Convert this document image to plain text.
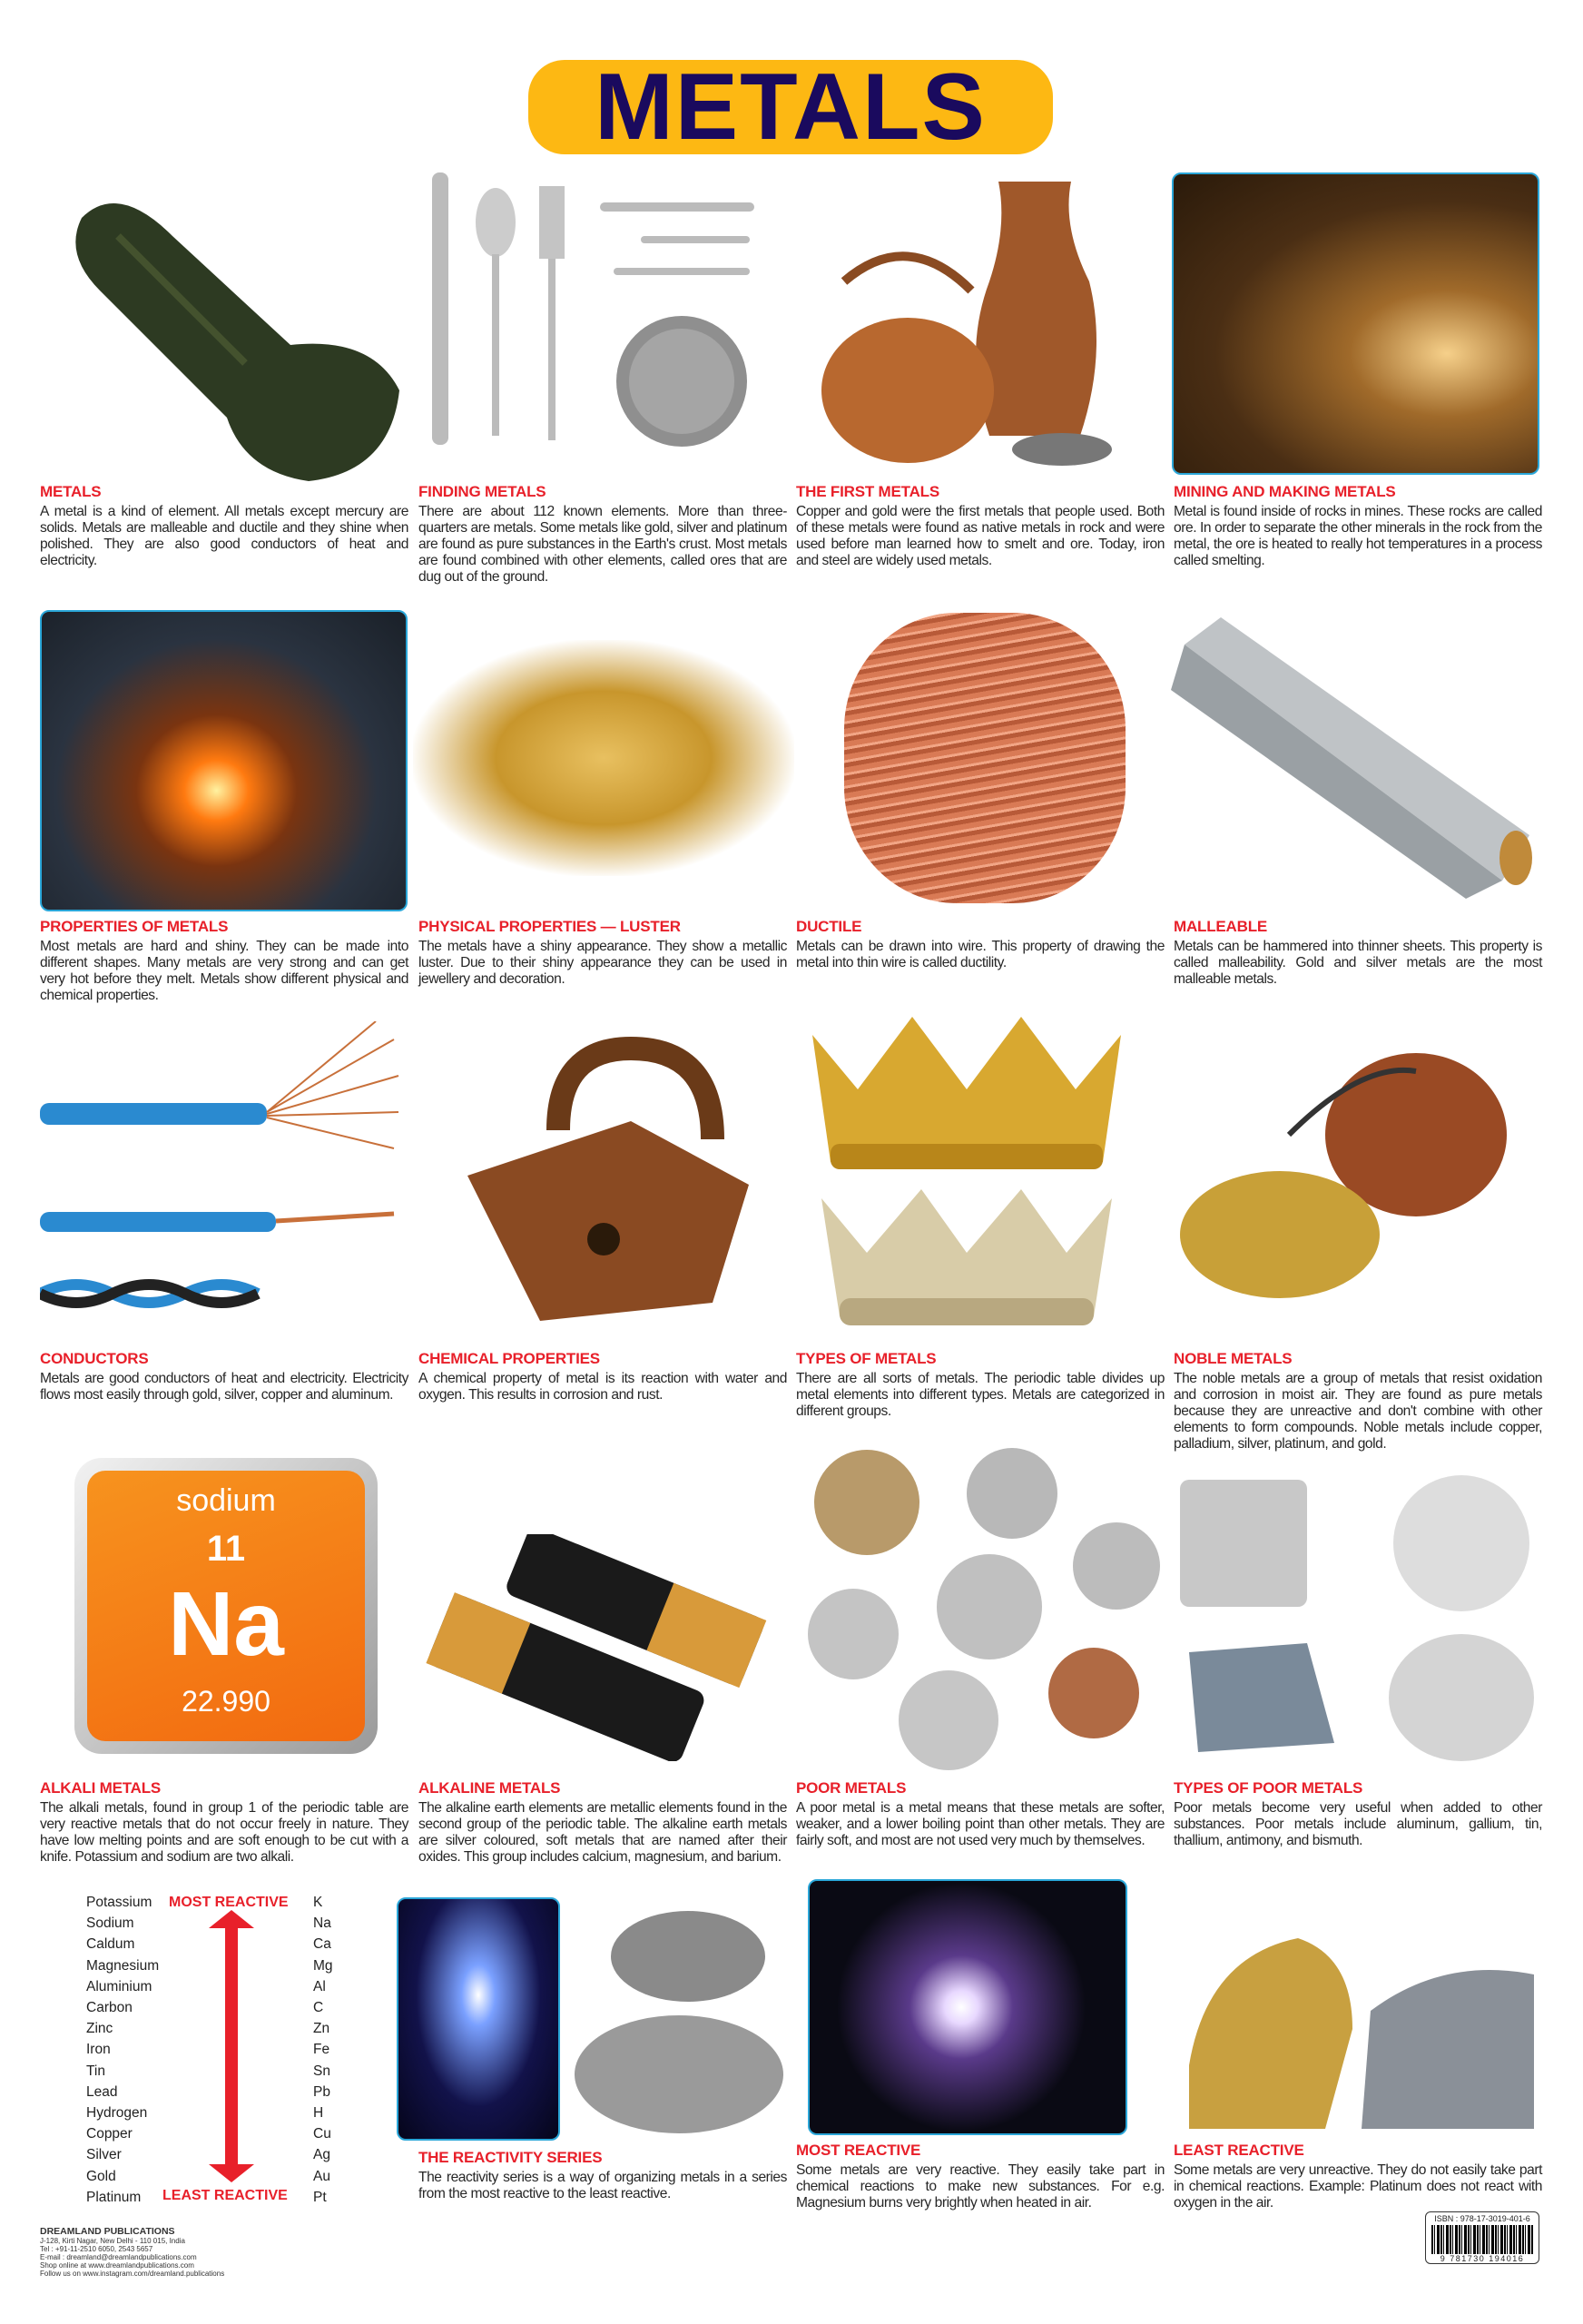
METALS
sodium
11
Na
22.990
METALS

A metal is a kind of element. All metals except mercury are solids. Metals are malleable and ductile and they shine when polished. They are also good conductors of heat and electricity.

FINDING METALS

There are about 112 known elements. More than three-quarters are metals. Some metals like gold, silver and platinum are found as pure substances in the Earth's crust. Most metals are found combined with other elements, called ores that are dug out of the ground.

THE FIRST METALS

Copper and gold were the first metals that people used. Both of these metals were found as native metals in rock and were used before man learned how to smelt and ore. Today, iron and steel are widely used metals.

MINING AND MAKING METALS

Metal is found inside of rocks in mines. These rocks are called ore. In order to separate the other minerals in the rock from the metal, the ore is heated to really hot temperatures in a process called smelting.

PROPERTIES OF METALS

Most metals are hard and shiny. They can be made into different shapes. Many metals are very strong and can get very hot before they melt. Metals show different physical and chemical properties.

PHYSICAL PROPERTIES — LUSTER

The metals have a shiny appearance. They show a metallic luster. Due to their shiny appearance they can be used in jewellery and decoration.

DUCTILE

Metals can be drawn into wire. This property of drawing the metal into thin wire is called ductility.

MALLEABLE

Metals can be hammered into thinner sheets. This property is called malleability. Gold and silver metals are the most malleable metals.

CONDUCTORS

Metals are good conductors of heat and electricity. Electricity flows most easily through gold, silver, copper and aluminum.

CHEMICAL PROPERTIES

A chemical property of metal is its reaction with water and oxygen. This results in corrosion and rust.

TYPES OF METALS

There are all sorts of metals. The periodic table divides up metal elements into different types. Metals are categorized in different groups.

NOBLE METALS

The noble metals are a group of metals that resist oxidation and corrosion in moist air. They are found as pure metals because they are unreactive and don't combine with other elements to form compounds. Noble metals include copper, palladium, silver, platinum, and gold.

ALKALI METALS

The alkali metals, found in group 1 of the periodic table are very reactive metals that do not occur freely in nature. They have low melting points and are soft enough to be cut with a knife. Potassium and sodium are two alkali.

ALKALINE METALS

The alkaline earth elements are metallic elements found in the second group of the periodic table. The alkaline earth metals are silver coloured, soft metals that are named after their oxides. This group includes calcium, magnesium, and barium.

POOR METALS

A poor metal is a metal means that these metals are softer, weaker, and a lower boiling point than other metals. They are fairly soft, and most are not used very much by themselves.

TYPES OF POOR METALS

Poor metals become very useful when added to other substances. Poor metals include aluminum, gallium, tin, thallium, antimony, and bismuth.

THE REACTIVITY SERIES

The reactivity series is a way of organizing metals in a series from the most reactive to the least reactive.

MOST REACTIVE

Some metals are very reactive. They easily take part in chemical reactions to make new substances. For e.g. Magnesium burns very brightly when heated in air.

LEAST REACTIVE

Some metals are very unreactive. They do not easily take part in chemical reactions. Example: Platinum does not react with oxygen in the air.

MOST REACTIVE
LEAST REACTIVE
Potassium	K
Sodium	Na
Caldum	Ca
Magnesium	Mg
Aluminium	Al
Carbon	C
Zinc	Zn
Iron	Fe
Tin	Sn
Lead	Pb
Hydrogen	H
Copper	Cu
Silver	Ag
Gold	Au
Platinum	Pt
DREAMLAND PUBLICATIONS
J-128, Kirti Nagar, New Delhi - 110 015, India
Tel : +91-11-2510 6050, 2543 5657
E-mail : dreamland@dreamlandpublications.com
Shop online at www.dreamlandpublications.com
Follow us on www.instagram.com/dreamland.publications
ISBN : 978-17-3019-401-6
9 781730 194016
